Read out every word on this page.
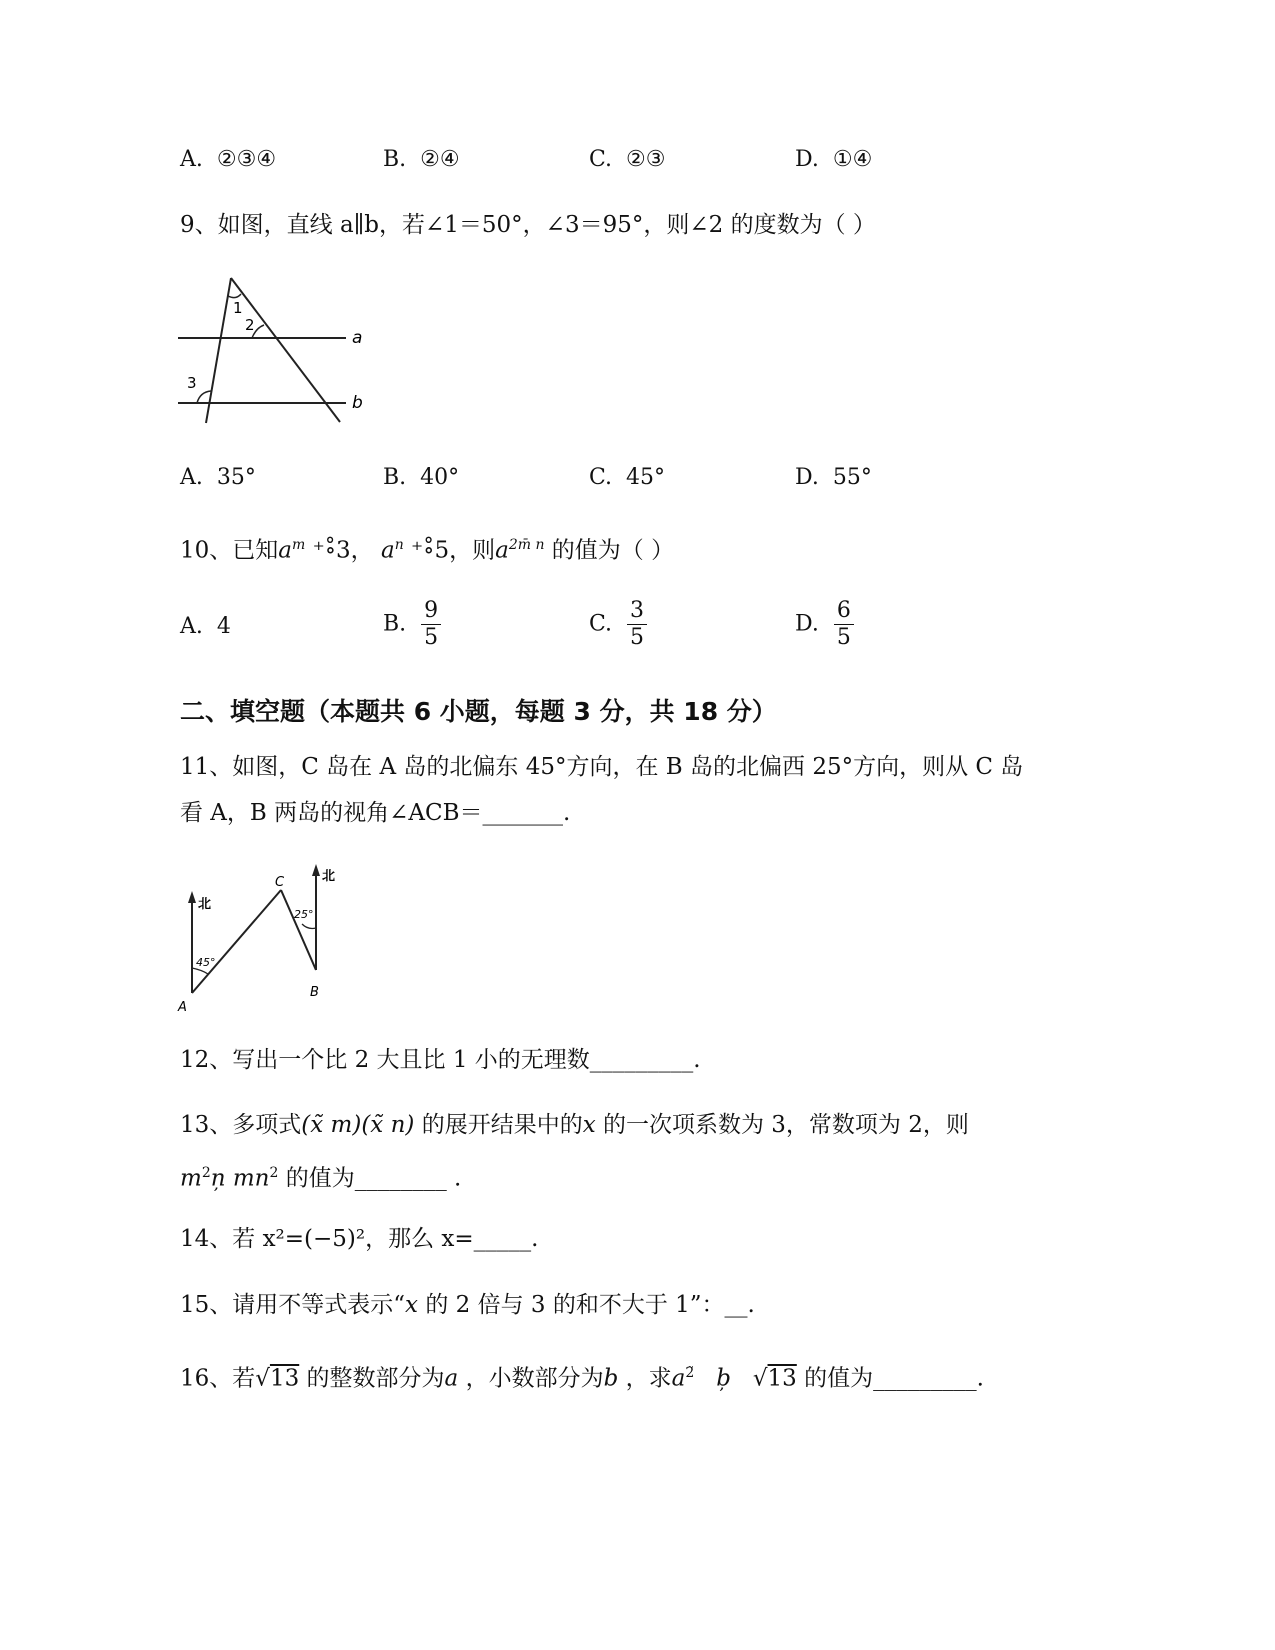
A. ②③④	B. ②④	C. ②③	D. ①④
9、如图，直线 a∥b，若∠1＝50°，∠3＝95°，则∠2 的度数为（ ）
1
2
3
a
b
A. 35°	B. 40°	C. 45°	D. 55°
10、已知$a^m$ ⁺∘̊3， $a^n$ ⁺∘̊5，则$a^{2m̄ n}$ 的值为（ ）
A. 4	B. $\frac{9}{5}$	C. $\frac{3}{5}$	D. $\frac{6}{5}$
二、填空题（本题共 6 小题，每题 3 分，共 18 分）
11、如图，C 岛在 A 岛的北偏东 45°方向，在 B 岛的北偏西 25°方向，则从 C 岛
看 A，B 两岛的视角∠ACB＝_______.
北
北
45°
25°
A
B
C
12、写出一个比 2 大且比 1 小的无理数_________.
13、多项式(x̃ m)(x̃ n) 的展开结果中的x 的一次项系数为 3，常数项为 2，则
$m^2n̦$ $mn^2$ 的值为________ .
14、若 x²=(−5)²，那么 x=_____.
15、请用不等式表示“x 的 2 倍与 3 的和不大于 1”：__.
16、若√13 的整数部分为a ，小数部分为b ，求$a^{2̃}$ b̦ √13 的值为_________.
